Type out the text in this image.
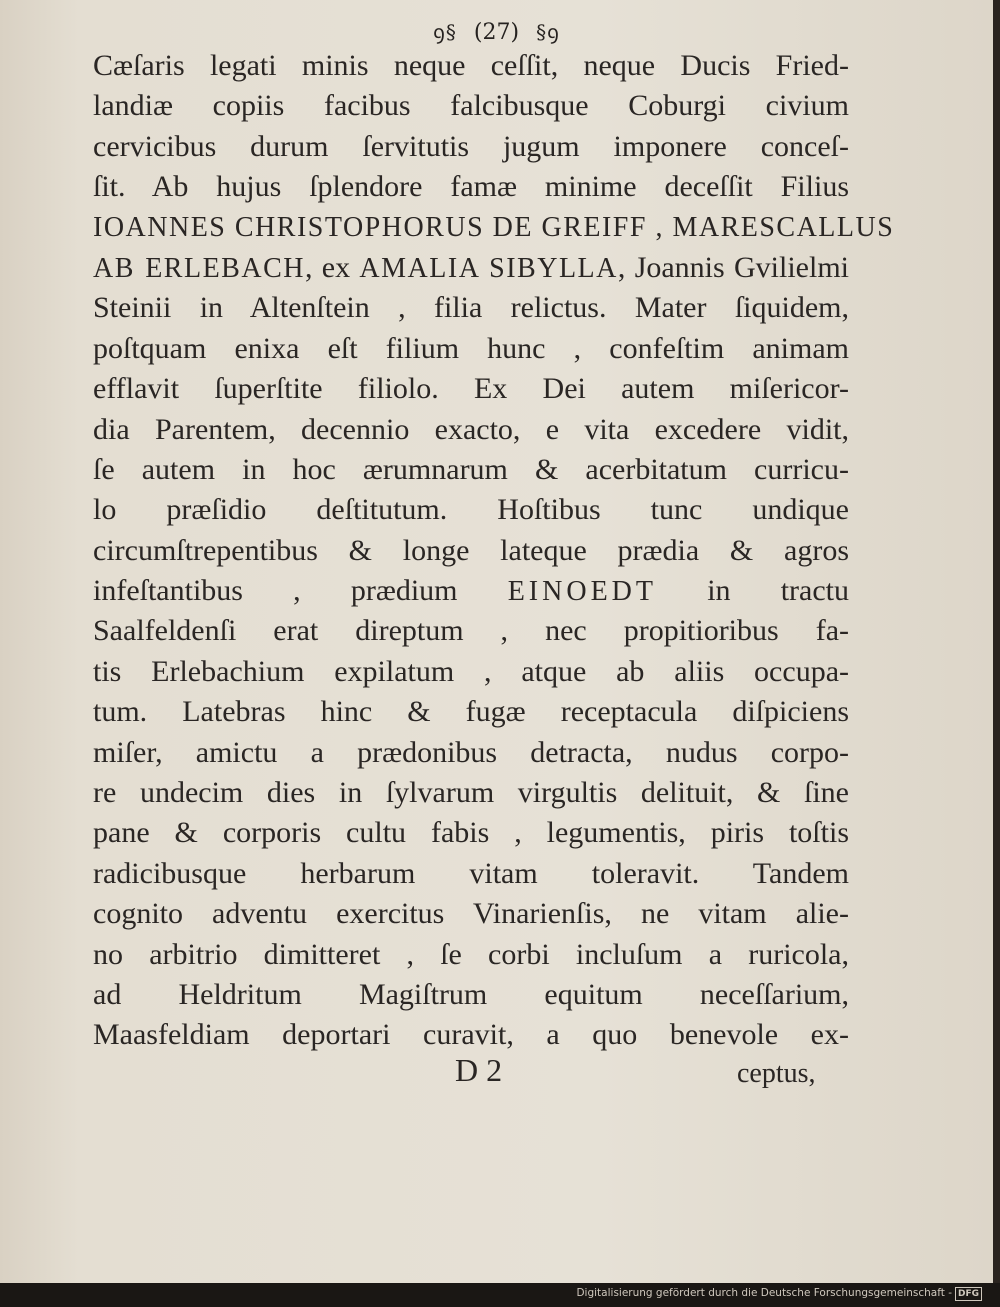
ꝯ§ (27) §ꝯ
Cæſaris legati minis neque ceſſit, neque Ducis Fried-
landiæ copiis facibus falcibusque Coburgi civium
cervicibus durum ſervitutis jugum imponere conceſ-
ſit. Ab hujus ſplendore famæ minime deceſſit Filius
IOANNES CHRISTOPHORUS DE GREIFF , MARESCALLUS
AB ERLEBACH, ex AMALIA SIBYLLA, Joannis Gvilielmi
Steinii in Altenſtein , filia relictus. Mater ſiquidem,
poſtquam enixa eſt filium hunc , confeſtim animam
efflavit ſuperſtite filiolo. Ex Dei autem miſericor-
dia Parentem, decennio exacto, e vita excedere vidit,
ſe autem in hoc ærumnarum & acerbitatum curricu-
lo præſidio deſtitutum. Hoſtibus tunc undique
circumſtrepentibus & longe lateque prædia & agros
infeſtantibus , prædium EINOEDT in tractu
Saalfeldenſi erat direptum , nec propitioribus fa-
tis Erlebachium expilatum , atque ab aliis occupa-
tum. Latebras hinc & fugæ receptacula diſpiciens
miſer, amictu a prædonibus detracta, nudus corpo-
re undecim dies in ſylvarum virgultis delituit, & ſine
pane & corporis cultu fabis , legumentis, piris toſtis
radicibusque herbarum vitam toleravit. Tandem
cognito adventu exercitus Vinarienſis, ne vitam alie-
no arbitrio dimitteret , ſe corbi incluſum a ruricola,
ad Heldritum Magiſtrum equitum neceſſarium,
Maasfeldiam deportari curavit, a quo benevole ex-
D 2	ceptus,
Digitalisierung gefördert durch die Deutsche Forschungsgemeinschaft - DFG
